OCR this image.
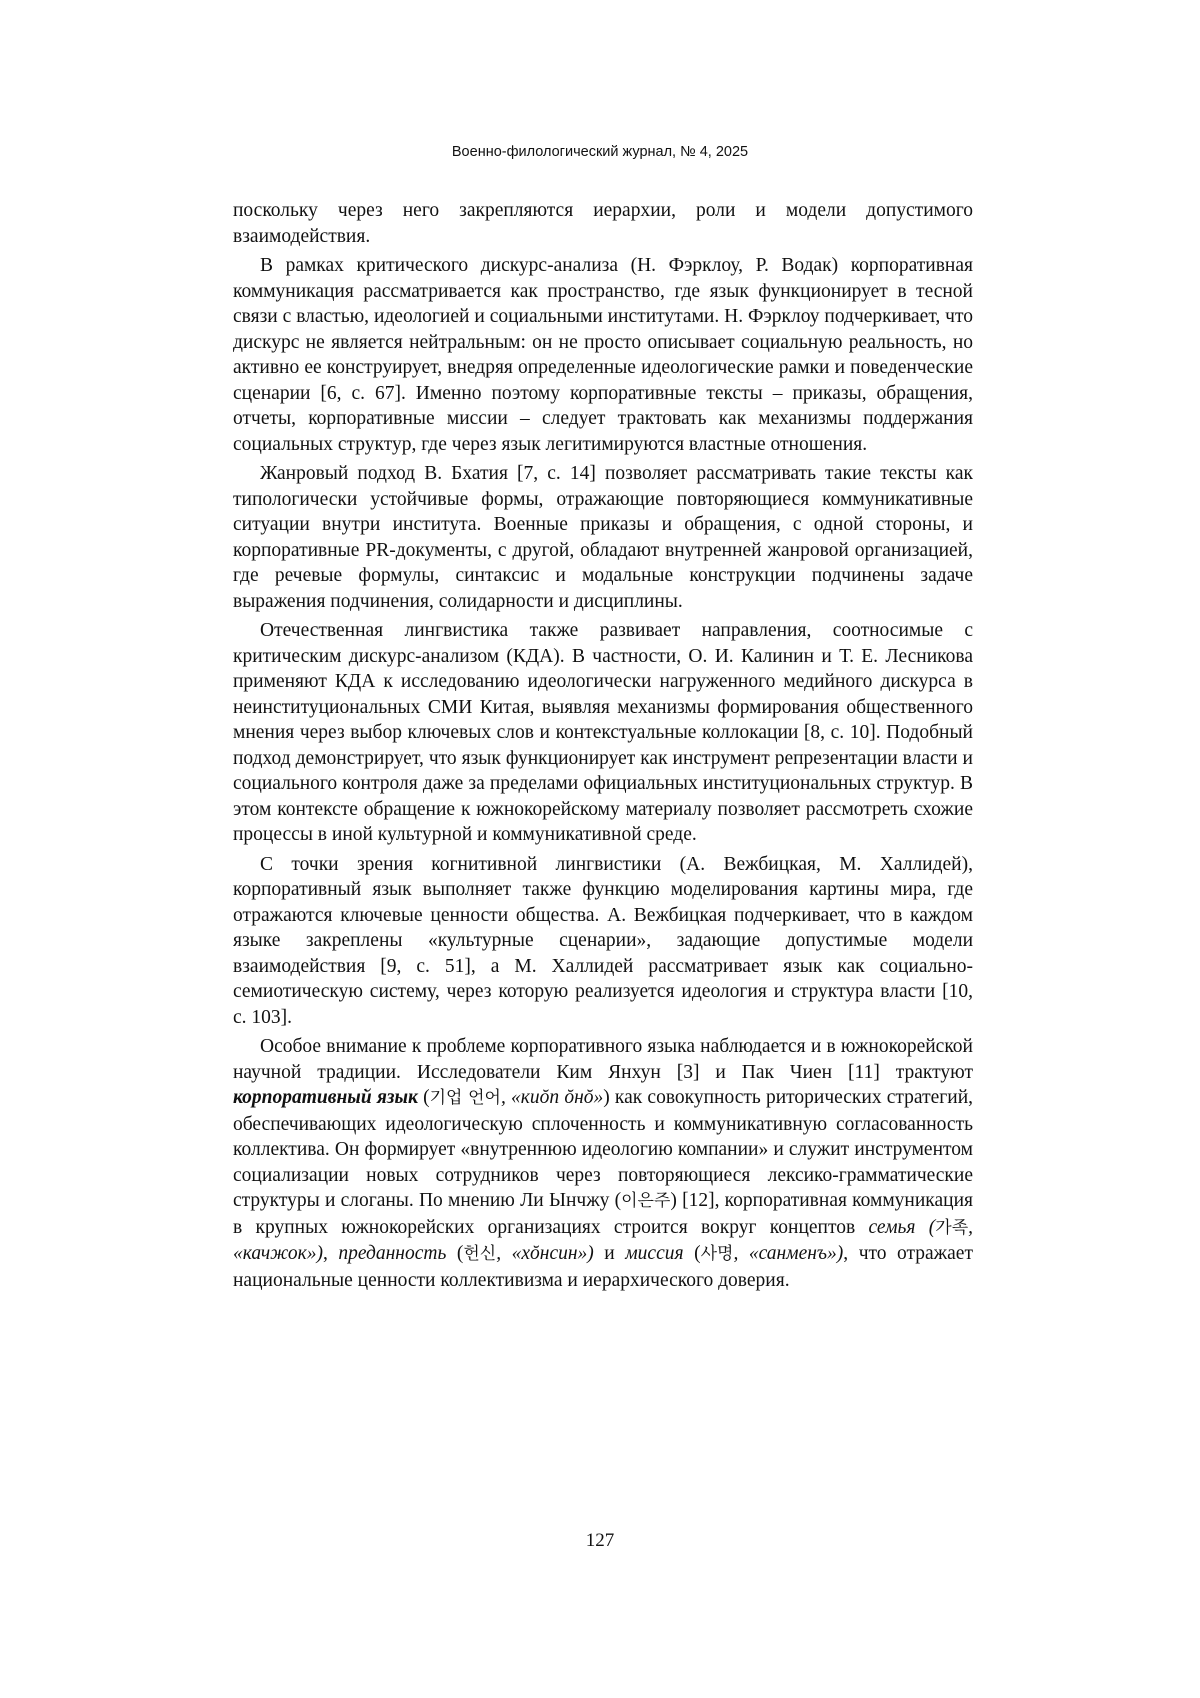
Военно-филологический журнал, № 4, 2025

поскольку через него закрепляются иерархии, роли и модели допустимого взаимодействия.

В рамках критического дискурс-анализа (Н. Фэрклоу, Р. Водак) корпоративная коммуникация рассматривается как пространство, где язык функционирует в тесной связи с властью, идеологией и социальными институтами. Н. Фэрклоу подчеркивает, что дискурс не является нейтральным: он не просто описывает социальную реальность, но активно ее конструирует, внедряя определенные идеологические рамки и поведенческие сценарии [6, с. 67]. Именно поэтому корпоративные тексты – приказы, обращения, отчеты, корпоративные миссии – следует трактовать как механизмы поддержания социальных структур, где через язык легитимируются властные отношения.

Жанровый подход В. Бхатия [7, с. 14] позволяет рассматривать такие тексты как типологически устойчивые формы, отражающие повторяющиеся коммуникативные ситуации внутри института. Военные приказы и обращения, с одной стороны, и корпоративные PR-документы, с другой, обладают внутренней жанровой организацией, где речевые формулы, синтаксис и модальные конструкции подчинены задаче выражения подчинения, солидарности и дисциплины.

Отечественная лингвистика также развивает направления, соотносимые с критическим дискурс-анализом (КДА). В частности, О. И. Калинин и Т. Е. Лесникова применяют КДА к исследованию идеологически нагруженного медийного дискурса в неинституциональных СМИ Китая, выявляя механизмы формирования общественного мнения через выбор ключевых слов и контекстуальные коллокации [8, с. 10]. Подобный подход демонстрирует, что язык функционирует как инструмент репрезентации власти и социального контроля даже за пределами официальных институциональных структур. В этом контексте обращение к южнокорейскому материалу позволяет рассмотреть схожие процессы в иной культурной и коммуникативной среде.

С точки зрения когнитивной лингвистики (А. Вежбицкая, М. Халлидей), корпоративный язык выполняет также функцию моделирования картины мира, где отражаются ключевые ценности общества. А. Вежбицкая подчеркивает, что в каждом языке закреплены «культурные сценарии», задающие допустимые модели взаимодействия [9, с. 51], а М. Халлидей рассматривает язык как социально-семиотическую систему, через которую реализуется идеология и структура власти [10, с. 103].

Особое внимание к проблеме корпоративного языка наблюдается и в южнокорейской научной традиции. Исследователи Ким Янхун [3] и Пак Чиен [11] трактуют корпоративный язык (기업 언어, «киŏп ŏнŏ») как совокупность риторических стратегий, обеспечивающих идеологическую сплоченность и коммуникативную согласованность коллектива. Он формирует «внутреннюю идеологию компании» и служит инструментом социализации новых сотрудников через повторяющиеся лексико-грамматические структуры и слоганы. По мнению Ли Ынчжу (이은주) [12], корпоративная коммуникация в крупных южнокорейских организациях строится вокруг концептов семья (가족, «качжок»), преданность (헌신, «хŏнсин») и миссия (사명, «санменъ»), что отражает национальные ценности коллективизма и иерархического доверия.

127
